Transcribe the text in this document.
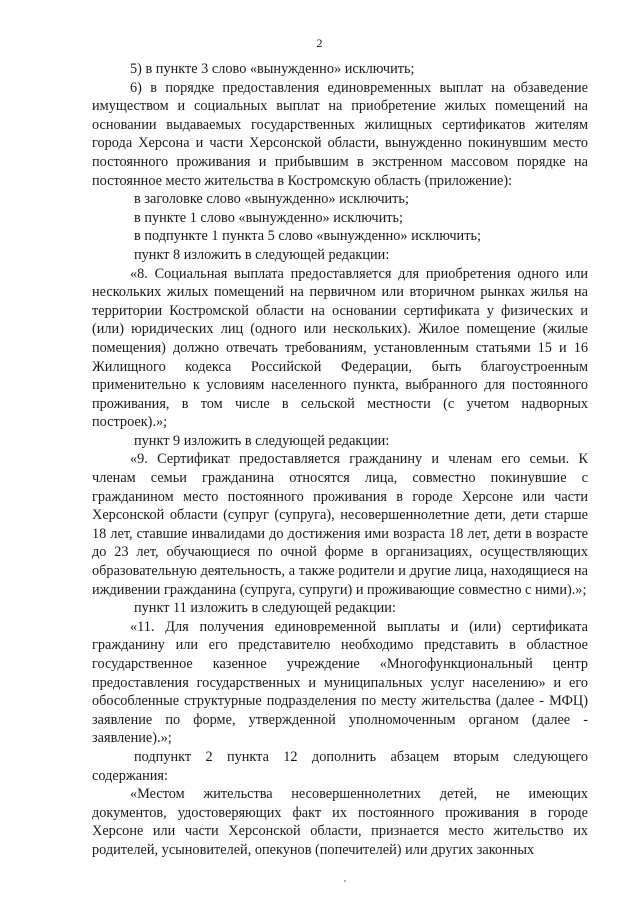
2

5) в пункте 3 слово «вынужденно» исключить;

6) в порядке предоставления единовременных выплат на обзаведение имуществом и социальных выплат на приобретение жилых помещений на основании выдаваемых государственных жилищных сертификатов жителям города Херсона и части Херсонской области, вынужденно покинувшим место постоянного проживания и прибывшим в экстренном массовом порядке на постоянное место жительства в Костромскую область (приложение):

в заголовке слово «вынужденно» исключить;

в пункте 1 слово «вынужденно» исключить;

в подпункте 1 пункта 5 слово «вынужденно» исключить;

пункт 8 изложить в следующей редакции:

«8. Социальная выплата предоставляется для приобретения одного или нескольких жилых помещений на первичном или вторичном рынках жилья на территории Костромской области на основании сертификата у физических и (или) юридических лиц (одного или нескольких). Жилое помещение (жилые помещения) должно отвечать требованиям, установленным статьями 15 и 16 Жилищного кодекса Российской Федерации, быть благоустроенным применительно к условиям населенного пункта, выбранного для постоянного проживания, в том числе в сельской местности (с учетом надворных построек).»;

пункт 9 изложить в следующей редакции:

«9. Сертификат предоставляется гражданину и членам его семьи. К членам семьи гражданина относятся лица, совместно покинувшие с гражданином место постоянного проживания в городе Херсоне или части Херсонской области (супруг (супруга), несовершеннолетние дети, дети старше 18 лет, ставшие инвалидами до достижения ими возраста 18 лет, дети в возрасте до 23 лет, обучающиеся по очной форме в организациях, осуществляющих образовательную деятельность, а также родители и другие лица, находящиеся на иждивении гражданина (супруга, супруги) и проживающие совместно с ними).»;

пункт 11 изложить в следующей редакции:

«11. Для получения единовременной выплаты и (или) сертификата гражданину или его представителю необходимо представить в областное государственное казенное учреждение «Многофункциональный центр предоставления государственных и муниципальных услуг населению» и его обособленные структурные подразделения по месту жительства (далее - МФЦ) заявление по форме, утвержденной уполномоченным органом (далее - заявление).»;

подпункт 2 пункта 12 дополнить абзацем вторым следующего содержания:

«Местом жительства несовершеннолетних детей, не имеющих документов, удостоверяющих факт их постоянного проживания в городе Херсоне или части Херсонской области, признается место жительство их родителей, усыновителей, опекунов (попечителей) или других законных
